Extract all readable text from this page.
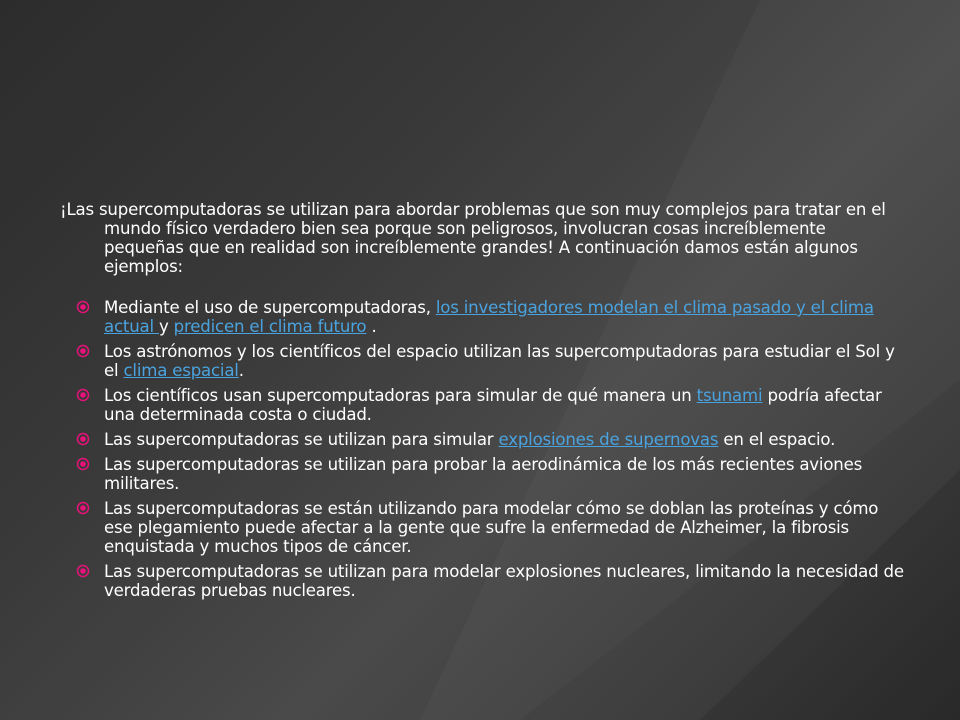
¡Las supercomputadoras se utilizan para abordar problemas que son muy complejos para tratar en el mundo físico verdadero bien sea porque son peligrosos, involucran cosas increíblemente pequeñas que en realidad son increíblemente grandes! A continuación damos están algunos ejemplos:

Mediante el uso de supercomputadoras, los investigadores modelan el clima pasado y el clima actual y predicen el clima futuro .
Los astrónomos y los científicos del espacio utilizan las supercomputadoras para estudiar el Sol y el clima espacial.
Los científicos usan supercomputadoras para simular de qué manera un tsunami podría afectar una determinada costa o ciudad.
Las supercomputadoras se utilizan para simular explosiones de supernovas en el espacio.
Las supercomputadoras se utilizan para probar la aerodinámica de los más recientes aviones militares.
Las supercomputadoras se están utilizando para modelar cómo se doblan las proteínas y cómo ese plegamiento puede afectar a la gente que sufre la enfermedad de Alzheimer, la fibrosis enquistada y muchos tipos de cáncer.
Las supercomputadoras se utilizan para modelar explosiones nucleares, limitando la necesidad de verdaderas pruebas nucleares.
